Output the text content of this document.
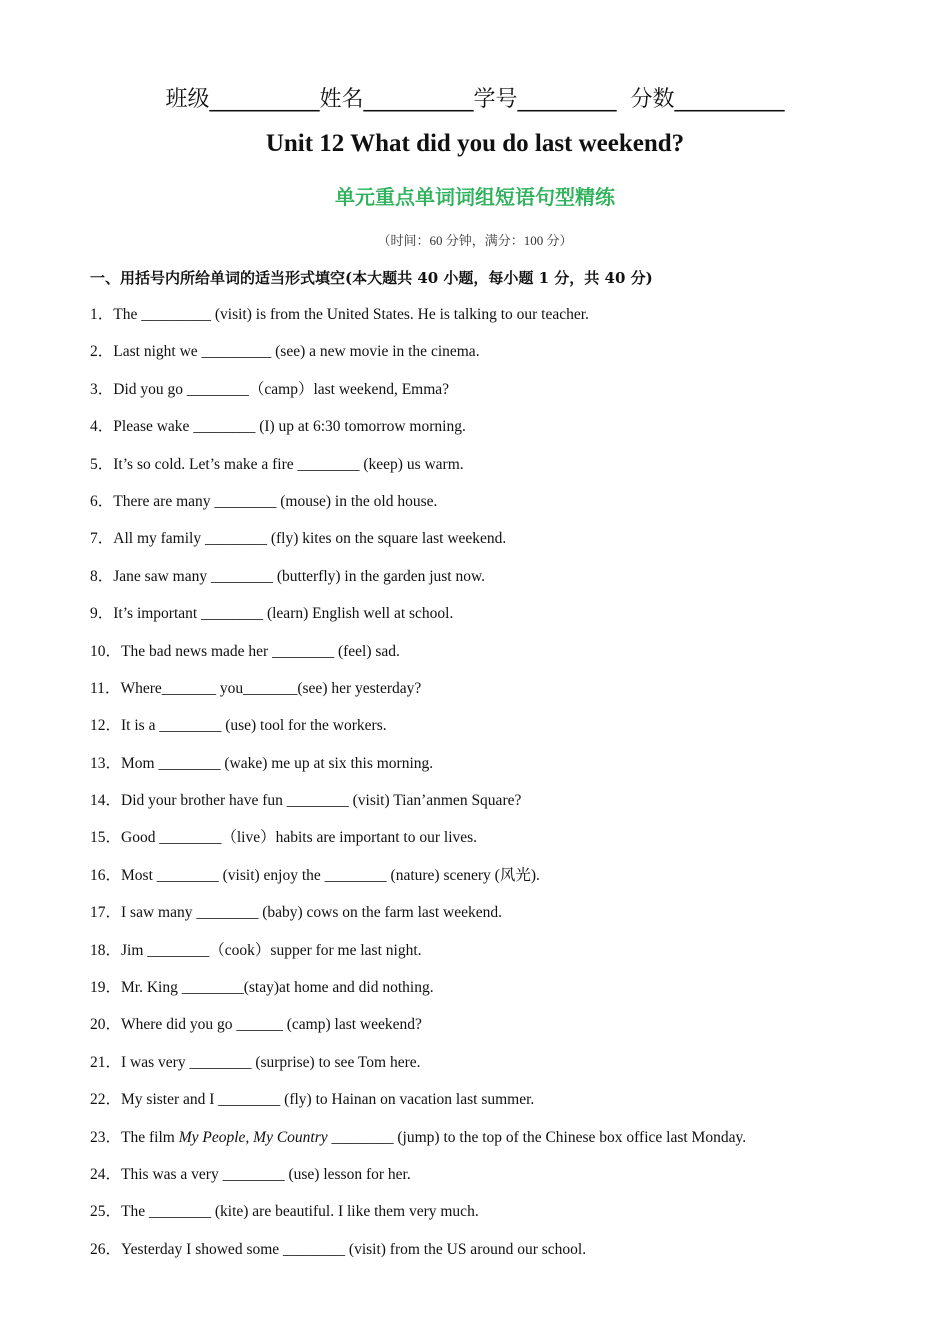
班级__________姓名__________学号_________  分数__________
Unit 12 What did you do last weekend?
单元重点单词词组短语句型精练
（时间：60 分钟，满分：100 分）
一、用括号内所给单词的适当形式填空(本大题共 40 小题，每小题 1 分，共 40 分)
1．The _________ (visit) is from the United States. He is talking to our teacher.
2．Last night we _________ (see) a new movie in the cinema.
3．Did you go ________（camp）last weekend, Emma?
4．Please wake ________ (I) up at 6:30 tomorrow morning.
5．It’s so cold. Let’s make a fire ________ (keep) us warm.
6．There are many ________ (mouse) in the old house.
7．All my family ________ (fly) kites on the square last weekend.
8．Jane saw many ________ (butterfly) in the garden just now.
9．It’s important ________ (learn) English well at school.
10．The bad news made her ________ (feel) sad.
11．Where_______ you_______(see) her yesterday?
12．It is a ________ (use) tool for the workers.
13．Mom ________ (wake) me up at six this morning.
14．Did your brother have fun ________ (visit) Tian’anmen Square?
15．Good ________（live）habits are important to our lives.
16．Most ________ (visit) enjoy the ________ (nature) scenery (风光).
17．I saw many ________ (baby) cows on the farm last weekend.
18．Jim ________（cook）supper for me last night.
19．Mr. King ________(stay)at home and did nothing.
20．Where did you go ______ (camp) last weekend?
21．I was very ________ (surprise) to see Tom here.
22．My sister and I ________ (fly) to Hainan on vacation last summer.
23．The film My People, My Country ________ (jump) to the top of the Chinese box office last Monday.
24．This was a very ________ (use) lesson for her.
25．The ________ (kite) are beautiful. I like them very much.
26．Yesterday I showed some ________ (visit) from the US around our school.
